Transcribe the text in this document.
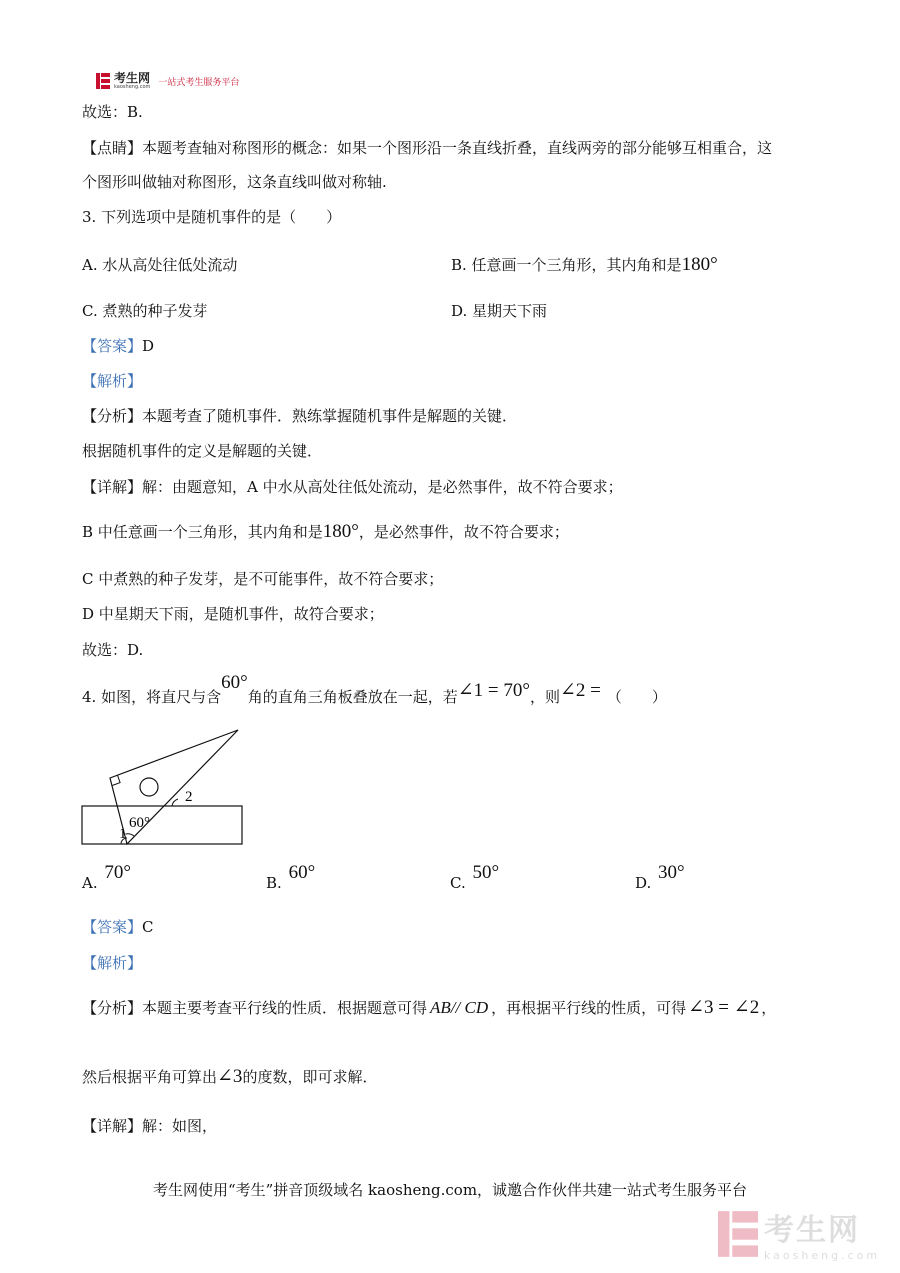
考生网
kaosheng.com 一站式考生服务平台
故选：B.
【点睛】本题考查轴对称图形的概念：如果一个图形沿一条直线折叠，直线两旁的部分能够互相重合，这
个图形叫做轴对称图形，这条直线叫做对称轴.
3. 下列选项中是随机事件的是（　　）
A. 水从高处往低处流动	B. 任意画一个三角形，其内角和是180°
C. 煮熟的种子发芽	D. 星期天下雨
【答案】D
【解析】
【分析】本题考查了随机事件．熟练掌握随机事件是解题的关键．
根据随机事件的定义是解题的关键．
【详解】解：由题意知，A 中水从高处往低处流动，是必然事件，故不符合要求；
B 中任意画一个三角形，其内角和是180°，是必然事件，故不符合要求；
C 中煮熟的种子发芽，是不可能事件，故不符合要求；
D 中星期天下雨，是随机事件，故符合要求；
故选：D.
4. 如图，将直尺与含60°角的直角三角板叠放在一起，若∠1 = 70°，则∠2 = （　　）
60°
1
2
A. 70°	B. 60°	C. 50°	D. 30°
【答案】C
【解析】
【分析】本题主要考查平行线的性质．根据题意可得 AB// CD ，再根据平行线的性质，可得 ∠3 = ∠2 ，
然后根据平角可算出∠3的度数，即可求解．
【详解】解：如图，
考生网使用“考生”拼音顶级域名 kaosheng.com，诚邀合作伙伴共建一站式考生服务平台
考生网
kaosheng.com
